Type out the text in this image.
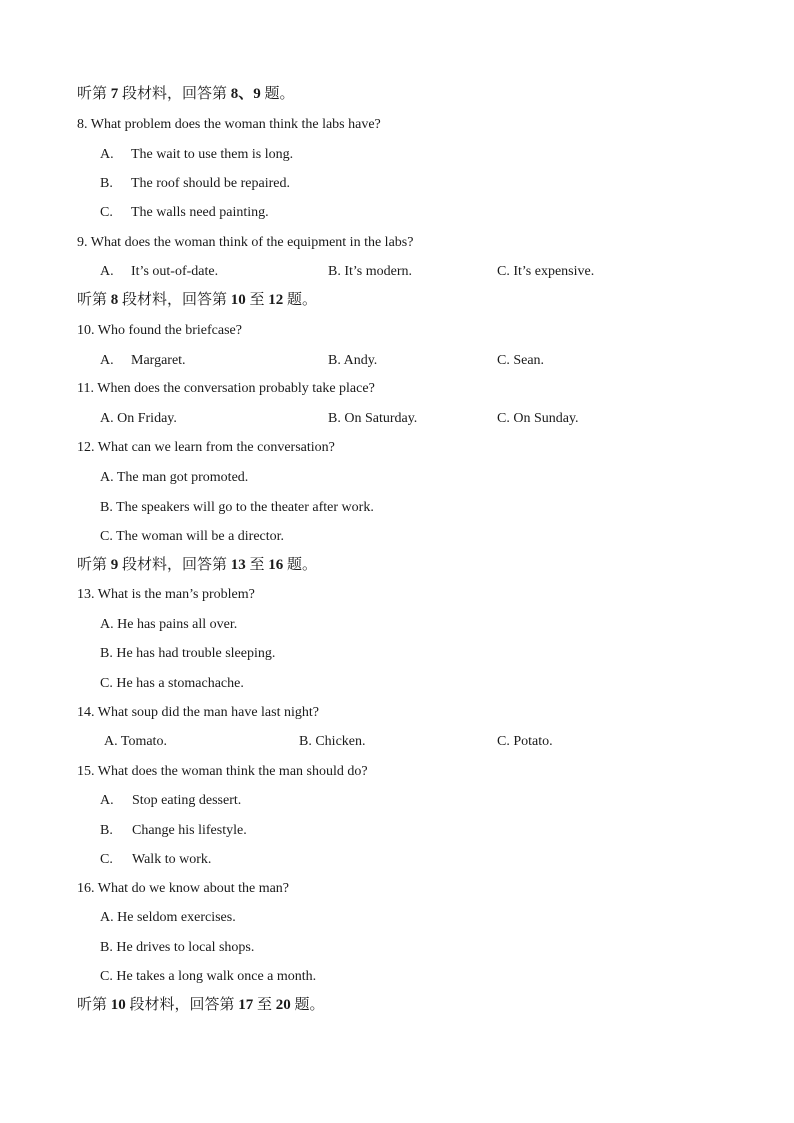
听第 7 段材料，回答第 8、9 题。
8. What problem does the woman think the labs have?
A. The wait to use them is long.
B. The roof should be repaired.
C. The walls need painting.
9. What does the woman think of the equipment in the labs?
A. It’s out-of-date.	B. It’s modern.	C. It’s expensive.
听第 8 段材料，回答第 10 至 12 题。
10. Who found the briefcase?
A. Margaret.	B. Andy.	C. Sean.
11. When does the conversation probably take place?
A. On Friday.	B. On Saturday.	C. On Sunday.
12. What can we learn from the conversation?
A. The man got promoted.
B. The speakers will go to the theater after work.
C. The woman will be a director.
听第 9 段材料，回答第 13 至 16 题。
13. What is the man’s problem?
A. He has pains all over.
B. He has had trouble sleeping.
C. He has a stomachache.
14. What soup did the man have last night?
A. Tomato.	B. Chicken.	C. Potato.
15. What does the woman think the man should do?
A. Stop eating dessert.
B. Change his lifestyle.
C. Walk to work.
16. What do we know about the man?
A. He seldom exercises.
B. He drives to local shops.
C. He takes a long walk once a month.
听第 10 段材料，回答第 17 至 20 题。
